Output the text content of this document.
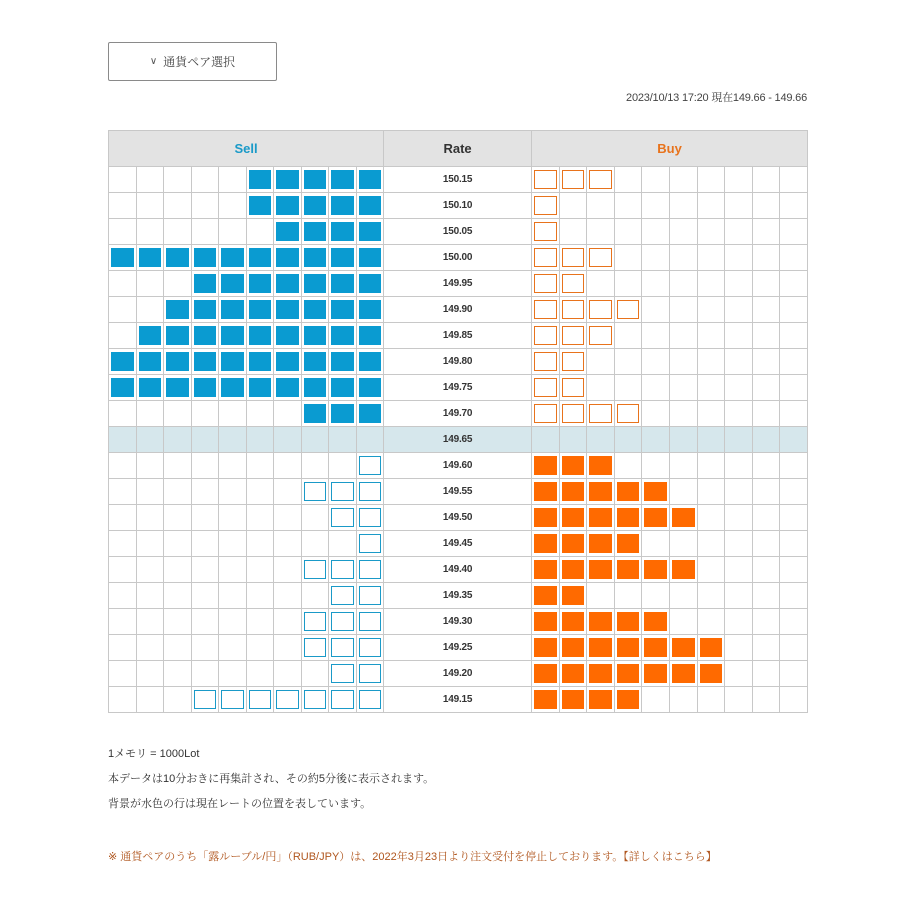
∨ 通貨ペア選択
2023/10/13 17:20 現在149.66 - 149.66
Sell										Rate	Buy									

	150.15	

	150.10	

	150.05	

	150.00	

	149.95	

	149.90	

	149.85	

	149.80	

	149.75	

	149.70	

										149.65										

	149.60	

	149.55	

	149.50	

	149.45	

	149.40	

	149.35	

	149.30	

	149.25	

	149.20	

	149.15	

1メモリ = 1000Lot
本データは10分おきに再集計され、その約5分後に表示されます。
背景が水色の行は現在レートの位置を表しています。
※ 通貨ペアのうち「露ルーブル/円」（RUB/JPY）は、2022年3月23日より注文受付を停止しております。【詳しくはこちら】
